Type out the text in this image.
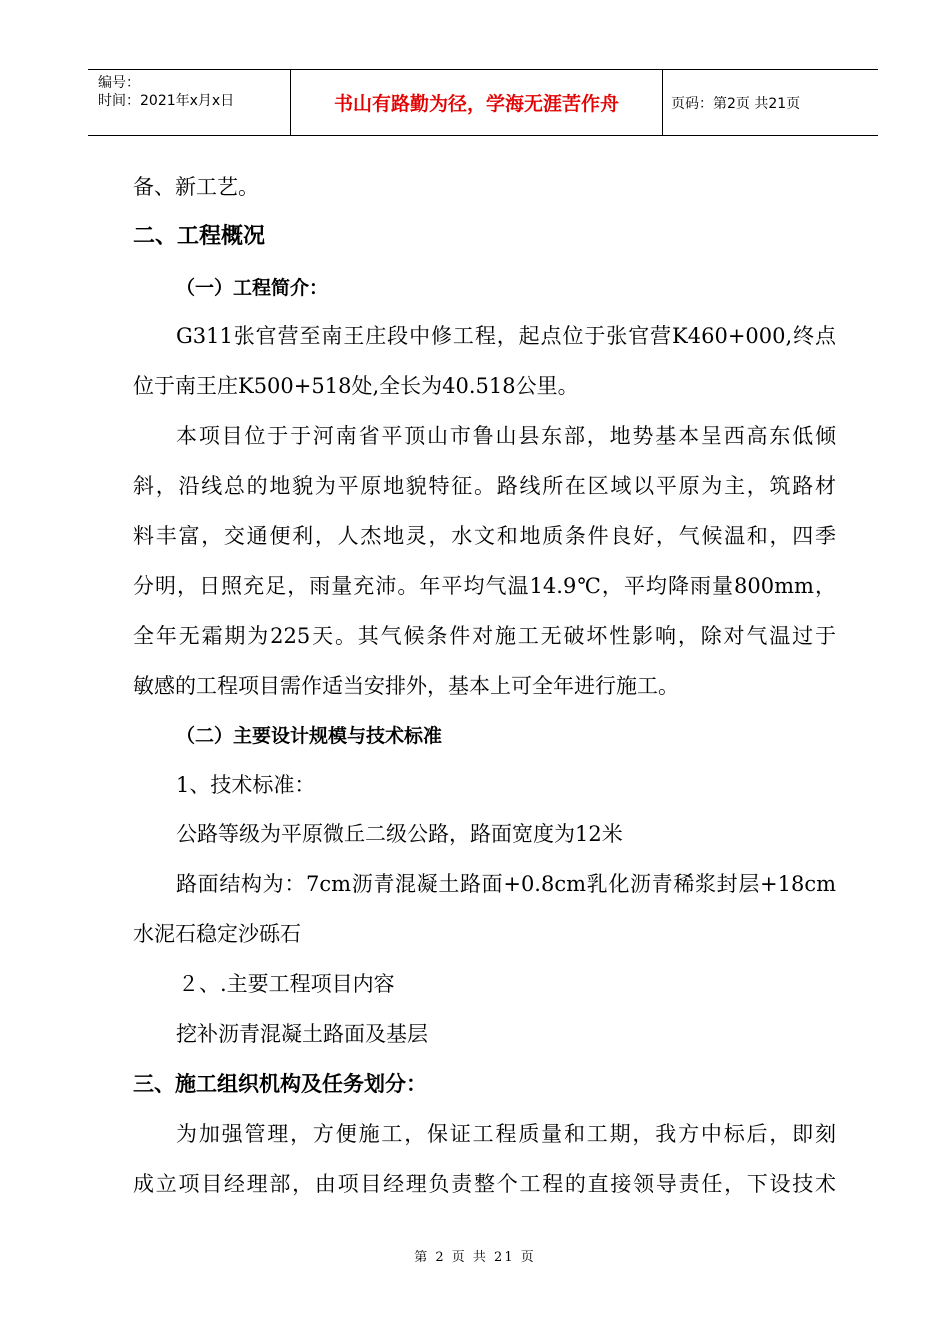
编号：
时间：2021年x月x日	书山有路勤为径，学海无涯苦作舟	页码：第2页 共21页
备、新工艺。
二、工程概况
（一）工程简介：
G311张官营至南王庄段中修工程，起点位于张官营K460+000,终点
位于南王庄K500+518处,全长为40.518公里。
本项目位于于河南省平顶山市鲁山县东部，地势基本呈西高东低倾
斜，沿线总的地貌为平原地貌特征。路线所在区域以平原为主，筑路材
料丰富，交通便利，人杰地灵，水文和地质条件良好，气候温和，四季
分明，日照充足，雨量充沛。年平均气温14.9℃，平均降雨量800mm，
全年无霜期为225天。其气候条件对施工无破坏性影响，除对气温过于
敏感的工程项目需作适当安排外，基本上可全年进行施工。
（二）主要设计规模与技术标准
1、技术标准：
公路等级为平原微丘二级公路，路面宽度为12米
路面结构为：7cm沥青混凝土路面+0.8cm乳化沥青稀浆封层+18cm
水泥石稳定沙砾石
２、.主要工程项目内容
挖补沥青混凝土路面及基层
三、施工组织机构及任务划分：
为加强管理，方便施工，保证工程质量和工期，我方中标后，即刻
成立项目经理部，由项目经理负责整个工程的直接领导责任，下设技术
第 2 页 共 21 页
